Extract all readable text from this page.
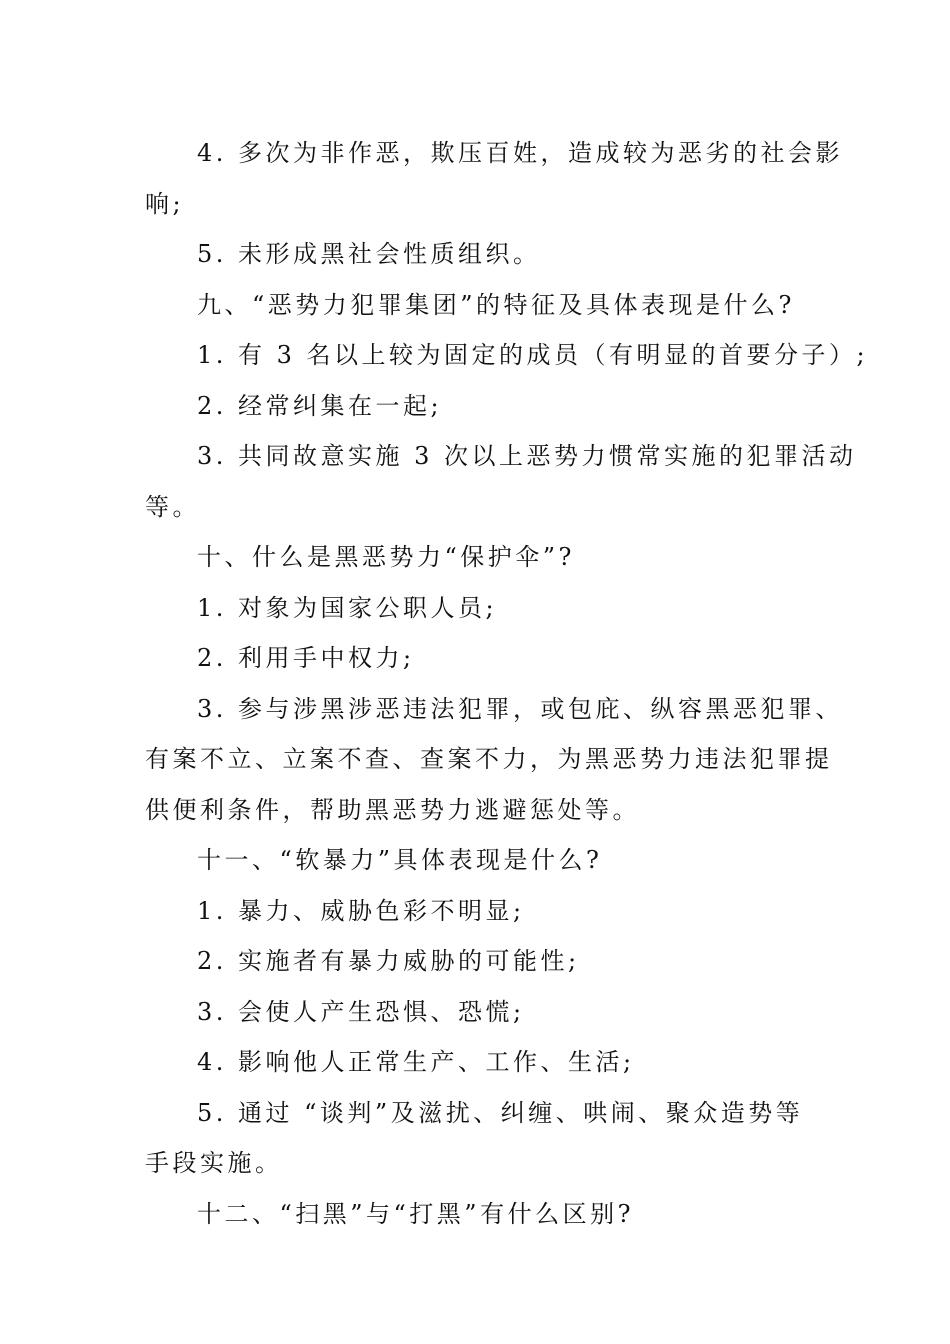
4. 多次为非作恶，欺压百姓，造成较为恶劣的社会影
响;
5. 未形成黑社会性质组织。
九、“恶势力犯罪集团”的特征及具体表现是什么?
1. 有 3 名以上较为固定的成员（有明显的首要分子）;
2. 经常纠集在一起;
3. 共同故意实施 3 次以上恶势力惯常实施的犯罪活动
等。
十、什么是黑恶势力“保护伞”?
1. 对象为国家公职人员;
2. 利用手中权力;
3. 参与涉黑涉恶违法犯罪，或包庇、纵容黑恶犯罪、
有案不立、立案不查、查案不力，为黑恶势力违法犯罪提
供便利条件，帮助黑恶势力逃避惩处等。
十一、“软暴力”具体表现是什么?
1. 暴力、威胁色彩不明显;
2. 实施者有暴力威胁的可能性;
3. 会使人产生恐惧、恐慌;
4. 影响他人正常生产、工作、生活;
5. 通过 “谈判”及滋扰、纠缠、哄闹、聚众造势等
手段实施。
十二、“扫黑”与“打黑”有什么区别?
